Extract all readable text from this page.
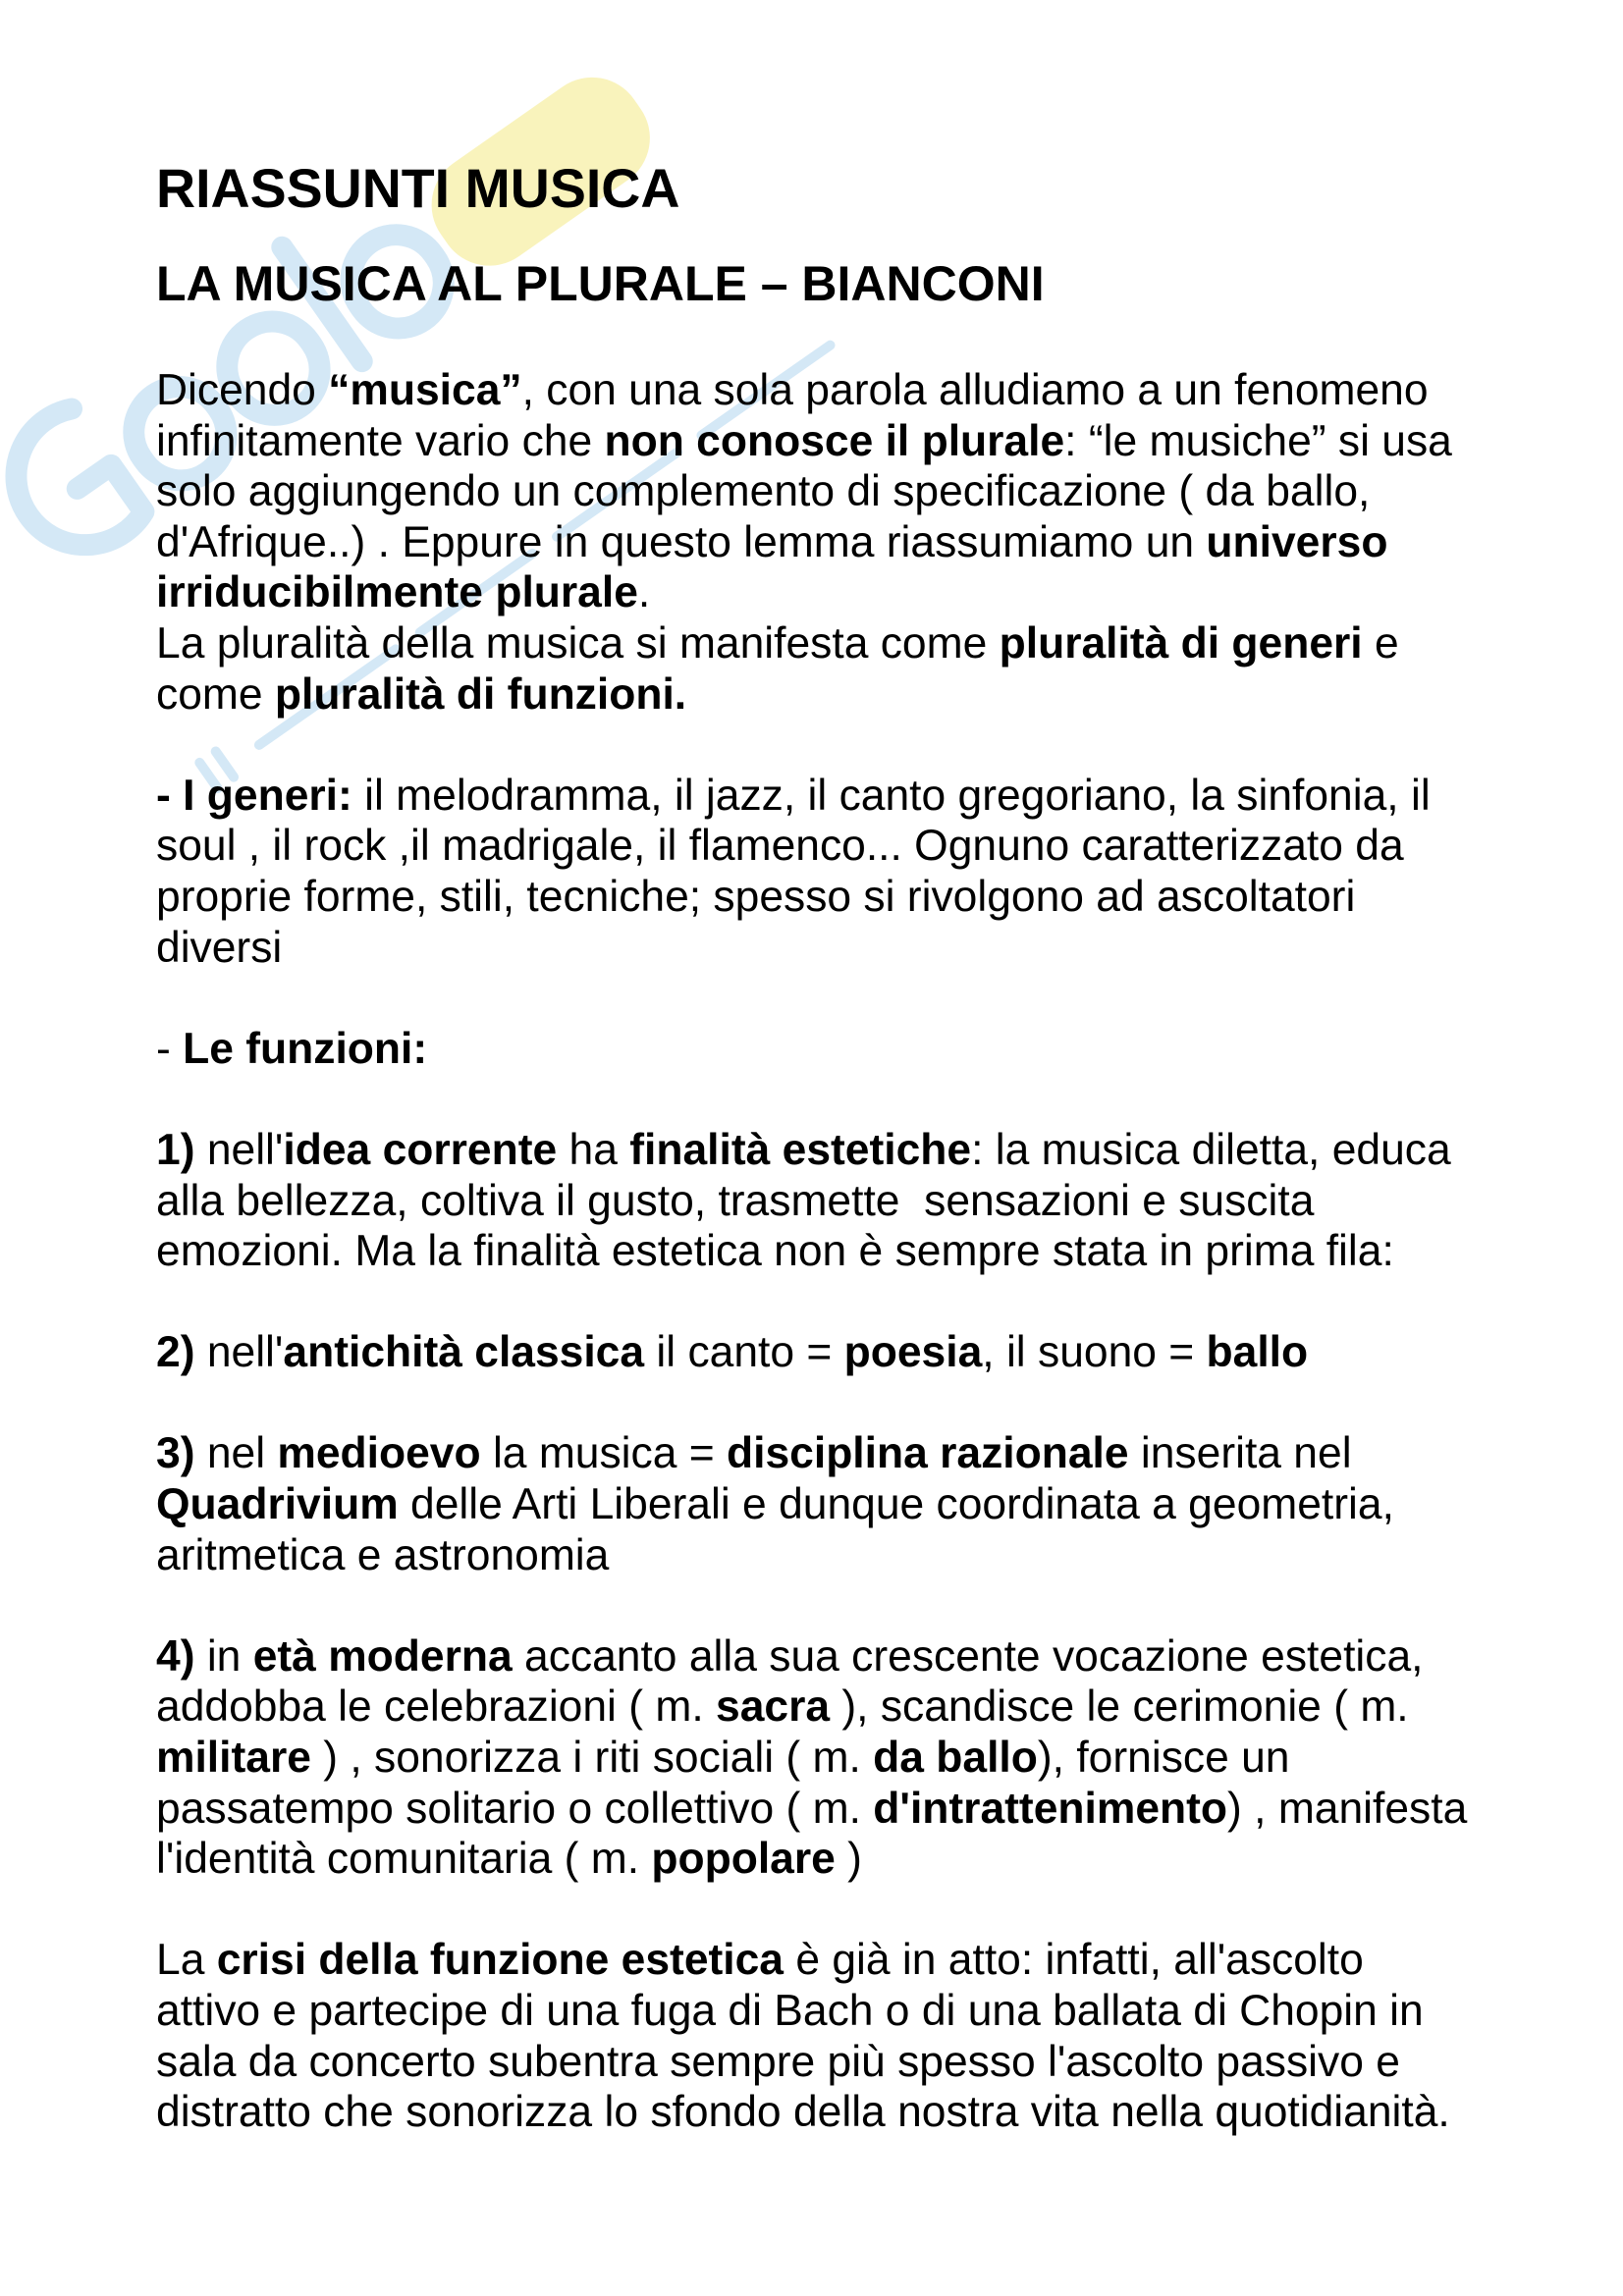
RIASSUNTI MUSICA
LA MUSICA AL PLURALE – BIANCONI
Dicendo “musica” , con una sola parola alludiamo a un fenomeno
infinitamente vario che non conosce il plurale : “le musiche” si usa
solo aggiungendo un complemento di specificazione ( da ballo,
d'Afrique..) . Eppure in questo lemma riassumiamo un universo
irriducibilmente plurale .
La pluralità della musica si manifesta come pluralità di generi e
come pluralità di funzioni.
- I generi: il melodramma, il jazz, il canto gregoriano, la sinfonia, il
soul , il rock ,il madrigale, il flamenco... Ognuno caratterizzato da
proprie forme, stili, tecniche; spesso si rivolgono ad ascoltatori
diversi
- Le funzioni:
1) nell' idea corrente ha finalità estetiche : la musica diletta, educa
alla bellezza, coltiva il gusto, trasmette  sensazioni e suscita
emozioni. Ma la finalità estetica non è sempre stata in prima fila:
2) nell' antichità classica il canto = poesia , il suono = ballo
3) nel medioevo la musica = disciplina razionale inserita nel
Quadrivium delle Arti Liberali e dunque coordinata a geometria,
aritmetica e astronomia
4) in età moderna accanto alla sua crescente vocazione estetica,
addobba le celebrazioni ( m. sacra ), scandisce le cerimonie ( m.
militare ) , sonorizza i riti sociali ( m. da ballo ), fornisce un
passatempo solitario o collettivo ( m. d'intrattenimento ) , manifesta
l'identità comunitaria ( m. popolare )
La crisi della funzione estetica è già in atto: infatti, all'ascolto
attivo e partecipe di una fuga di Bach o di una ballata di Chopin in
sala da concerto subentra sempre più spesso l'ascolto passivo e
distratto che sonorizza lo sfondo della nostra vita nella quotidianità.
